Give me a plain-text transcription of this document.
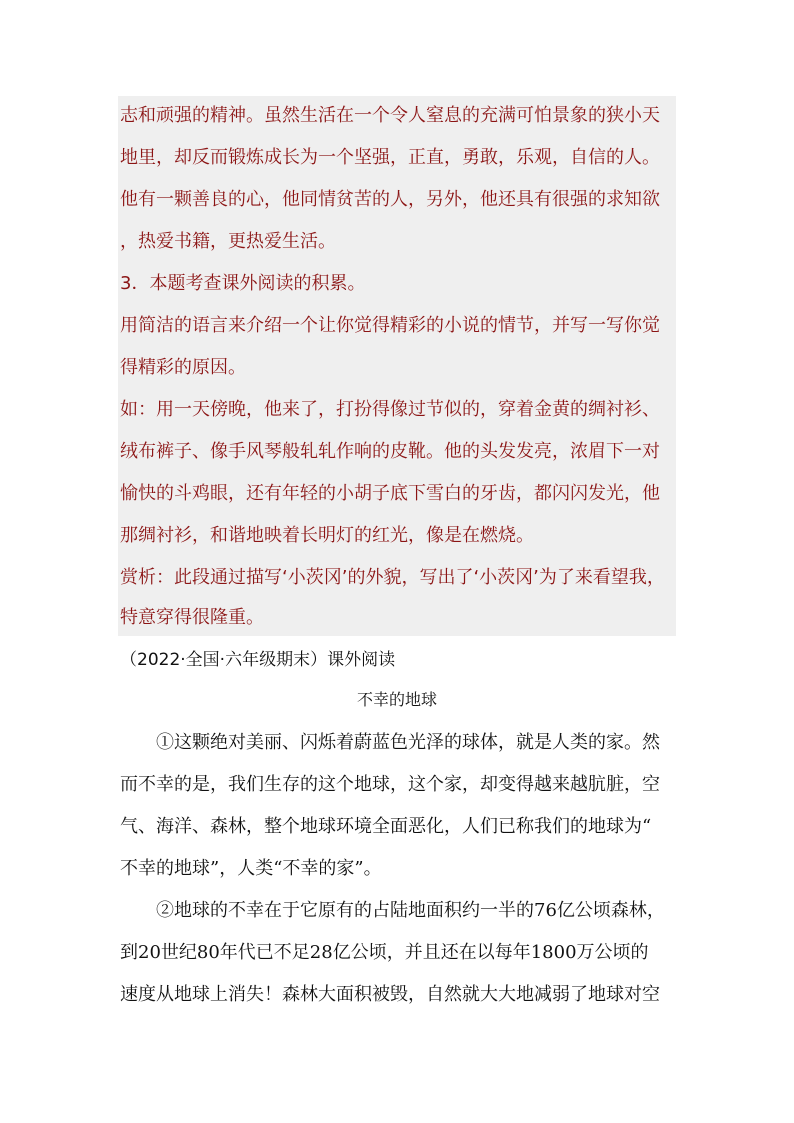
志和顽强的精神。虽然生活在一个令人窒息的充满可怕景象的狭小天
地里，却反而锻炼成长为一个坚强，正直，勇敢，乐观，自信的人。
他有一颗善良的心，他同情贫苦的人，另外，他还具有很强的求知欲
，热爱书籍，更热爱生活。
3．本题考查课外阅读的积累。
用简洁的语言来介绍一个让你觉得精彩的小说的情节，并写一写你觉
得精彩的原因。
如：用一天傍晚，他来了，打扮得像过节似的，穿着金黄的绸衬衫、
绒布裤子、像手风琴般轧轧作响的皮靴。他的头发发亮，浓眉下一对
愉快的斗鸡眼，还有年轻的小胡子底下雪白的牙齿，都闪闪发光，他
那绸衬衫，和谐地映着长明灯的红光，像是在燃烧。
赏析：此段通过描写‘小茨冈’的外貌，写出了‘小茨冈’为了来看望我，
特意穿得很隆重。
（2022·全国·六年级期末）课外阅读
不幸的地球
　　①这颗绝对美丽、闪烁着蔚蓝色光泽的球体，就是人类的家。然
而不幸的是，我们生存的这个地球，这个家，却变得越来越肮脏，空
气、海洋、森林，整个地球环境全面恶化，人们已称我们的地球为“
不幸的地球”，人类“不幸的家”。
　　②地球的不幸在于它原有的占陆地面积约一半的76亿公顷森林，
到20世纪80年代已不足28亿公顷，并且还在以每年1800万公顷的
速度从地球上消失！森林大面积被毁，自然就大大地减弱了地球对空
